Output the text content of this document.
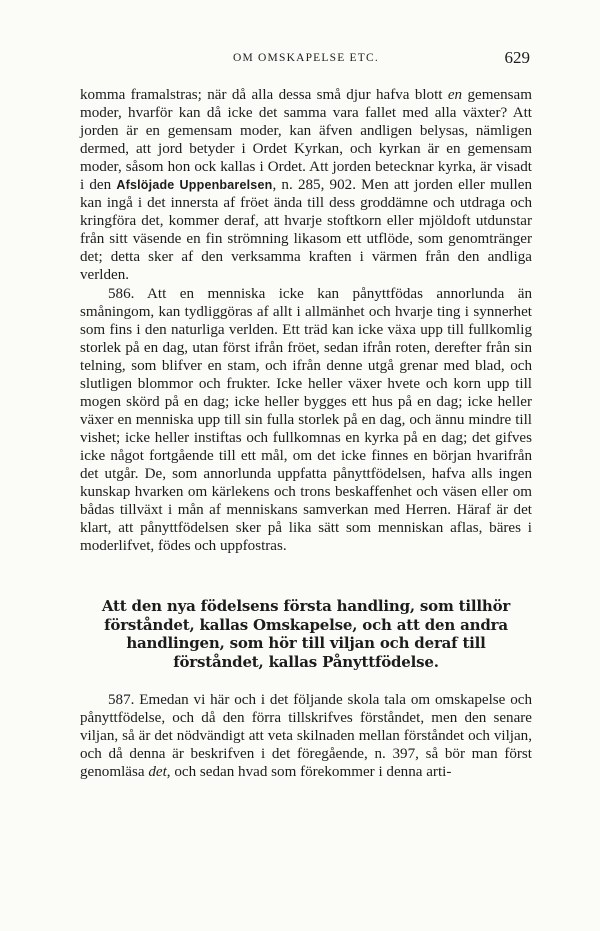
OM OMSKAPELSE ETC.	629

komma framalstras; när då alla dessa små djur hafva blott en gemensam moder, hvarför kan då icke det samma vara fallet med alla växter? Att jorden är en gemensam moder, kan äfven andligen belysas, nämligen dermed, att jord betyder i Ordet Kyrkan, och kyrkan är en gemensam moder, såsom hon ock kallas i Ordet. Att jorden betecknar kyrka, är visadt i den Afslöjade Uppenbarelsen, n. 285, 902. Men att jorden eller mullen kan ingå i det innersta af fröet ända till dess groddämne och utdraga och kringföra det, kommer deraf, att hvarje stoftkorn eller mjöldoft utdunstar från sitt väsende en fin strömning likasom ett utflöde, som genomtränger det; detta sker af den verksamma kraften i värmen från den andliga verlden.

586. Att en menniska icke kan pånyttfödas annorlunda än småningom, kan tydliggöras af allt i allmänhet och hvarje ting i synnerhet som fins i den naturliga verlden. Ett träd kan icke växa upp till fullkomlig storlek på en dag, utan först ifrån fröet, sedan ifrån roten, derefter från sin telning, som blifver en stam, och ifrån denne utgå grenar med blad, och slutligen blommor och frukter. Icke heller växer hvete och korn upp till mogen skörd på en dag; icke heller bygges ett hus på en dag; icke heller växer en menniska upp till sin fulla storlek på en dag, och ännu mindre till vishet; icke heller instiftas och fullkomnas en kyrka på en dag; det gifves icke något fortgående till ett mål, om det icke finnes en början hvarifrån det utgår. De, som annorlunda uppfatta pånyttfödelsen, hafva alls ingen kunskap hvarken om kärlekens och trons beskaffenhet och väsen eller om bådas tillväxt i mån af menniskans samverkan med Herren. Häraf är det klart, att pånyttfödelsen sker på lika sätt som menniskan aflas, bäres i moderlifvet, födes och uppfostras.

Att den nya födelsens första handling, som tillhör förståndet, kallas Omskapelse, och att den andra handlingen, som hör till viljan och deraf till förståndet, kallas Pånyttfödelse.

587. Emedan vi här och i det följande skola tala om omskapelse och pånyttfödelse, och då den förra tillskrifves förståndet, men den senare viljan, så är det nödvändigt att veta skilnaden mellan förståndet och viljan, och då denna är beskrifven i det föregående, n. 397, så bör man först genomläsa det, och sedan hvad som förekommer i denna arti-
